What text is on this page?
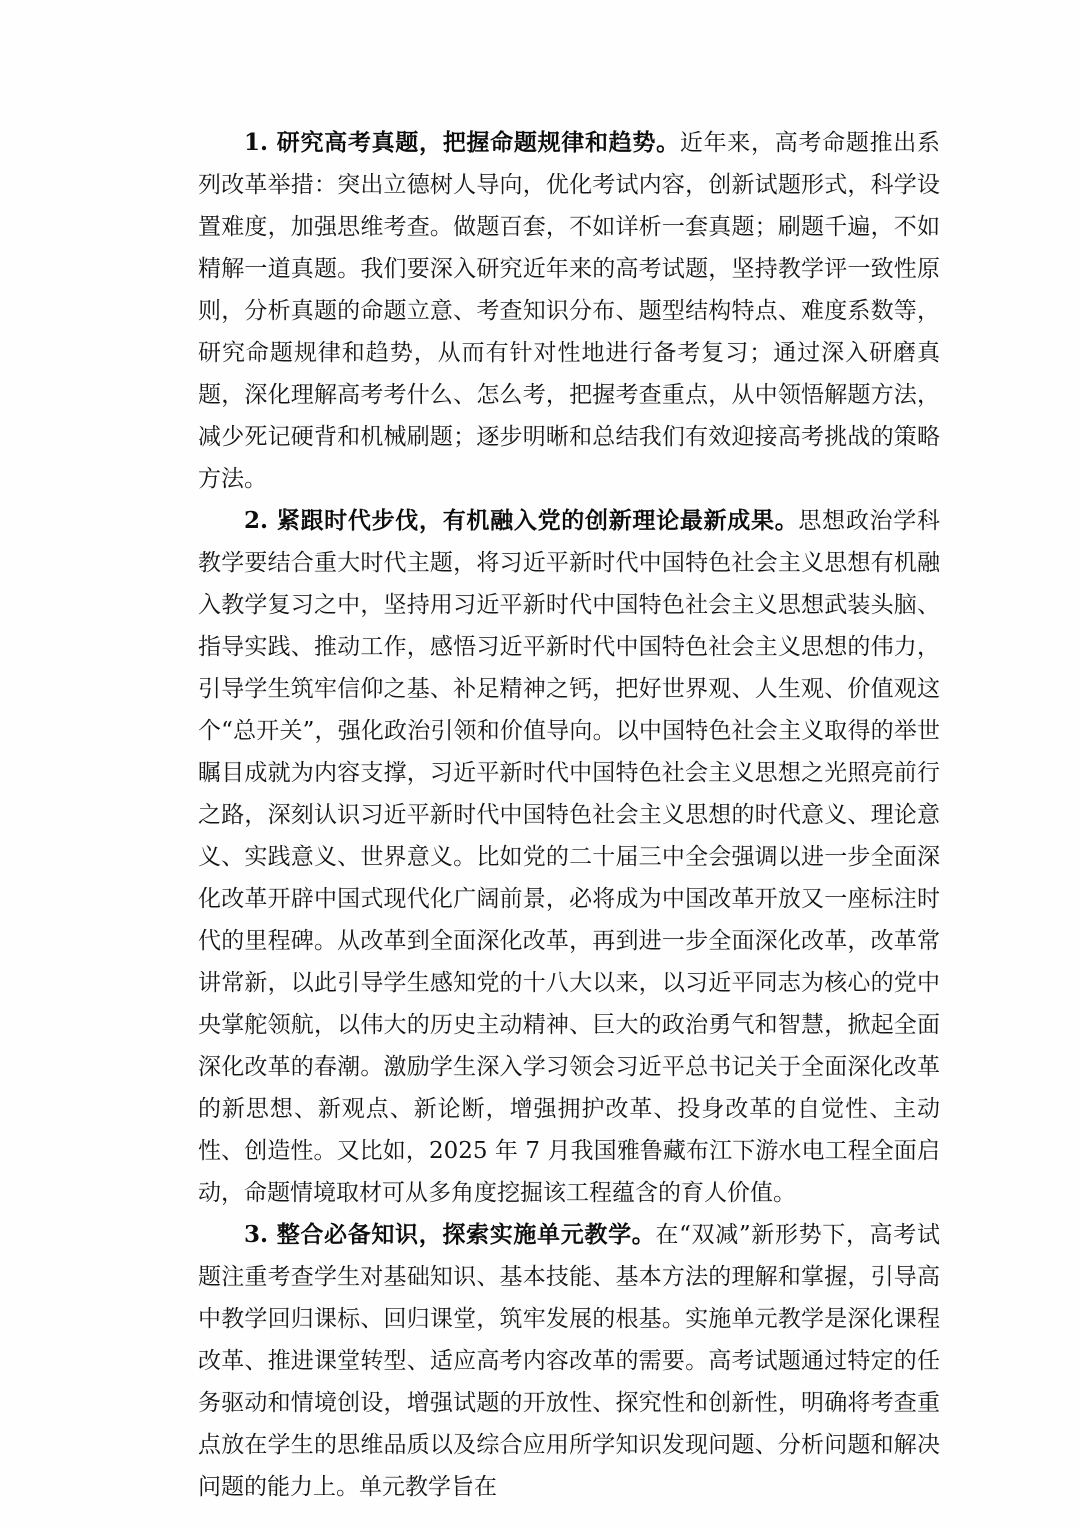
1. 研究高考真题，把握命题规律和趋势。近年来，高考命题推出系列改革举措：突出立德树人导向，优化考试内容，创新试题形式，科学设置难度，加强思维考查。做题百套，不如详析一套真题；刷题千遍，不如精解一道真题。我们要深入研究近年来的高考试题，坚持教学评一致性原则，分析真题的命题立意、考查知识分布、题型结构特点、难度系数等，研究命题规律和趋势，从而有针对性地进行备考复习；通过深入研磨真题，深化理解高考考什么、怎么考，把握考查重点，从中领悟解题方法，减少死记硬背和机械刷题；逐步明晰和总结我们有效迎接高考挑战的策略方法。

2. 紧跟时代步伐，有机融入党的创新理论最新成果。思想政治学科教学要结合重大时代主题，将习近平新时代中国特色社会主义思想有机融入教学复习之中，坚持用习近平新时代中国特色社会主义思想武装头脑、指导实践、推动工作，感悟习近平新时代中国特色社会主义思想的伟力，引导学生筑牢信仰之基、补足精神之钙，把好世界观、人生观、价值观这个“总开关”，强化政治引领和价值导向。以中国特色社会主义取得的举世瞩目成就为内容支撑，习近平新时代中国特色社会主义思想之光照亮前行之路，深刻认识习近平新时代中国特色社会主义思想的时代意义、理论意义、实践意义、世界意义。比如党的二十届三中全会强调以进一步全面深化改革开辟中国式现代化广阔前景，必将成为中国改革开放又一座标注时代的里程碑。从改革到全面深化改革，再到进一步全面深化改革，改革常讲常新，以此引导学生感知党的十八大以来，以习近平同志为核心的党中央掌舵领航，以伟大的历史主动精神、巨大的政治勇气和智慧，掀起全面深化改革的春潮。激励学生深入学习领会习近平总书记关于全面深化改革的新思想、新观点、新论断，增强拥护改革、投身改革的自觉性、主动性、创造性。又比如，2025 年 7 月我国雅鲁藏布江下游水电工程全面启动，命题情境取材可从多角度挖掘该工程蕴含的育人价值。

3. 整合必备知识，探索实施单元教学。在“双减”新形势下，高考试题注重考查学生对基础知识、基本技能、基本方法的理解和掌握，引导高中教学回归课标、回归课堂，筑牢发展的根基。实施单元教学是深化课程改革、推进课堂转型、适应高考内容改革的需要。高考试题通过特定的任务驱动和情境创设，增强试题的开放性、探究性和创新性，明确将考查重点放在学生的思维品质以及综合应用所学知识发现问题、分析问题和解决问题的能力上。单元教学旨在
